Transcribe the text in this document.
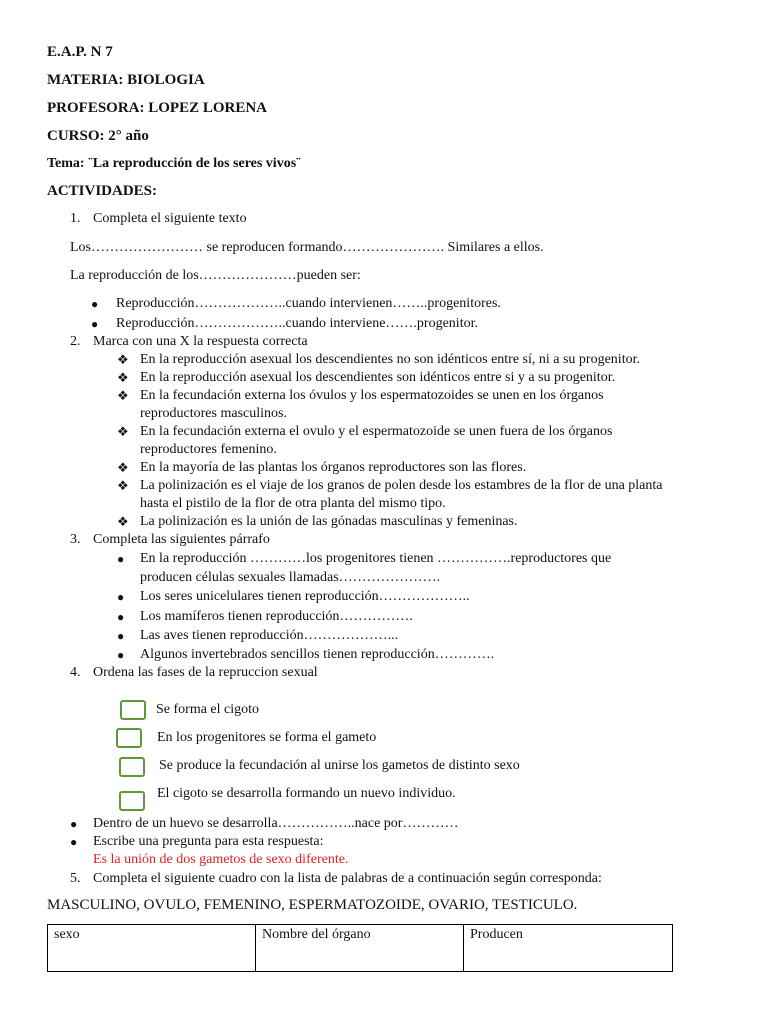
E.A.P. N 7
MATERIA: BIOLOGIA
PROFESORA: LOPEZ LORENA
CURSO: 2° año
Tema: ¨La reproducción de los seres vivos¨
ACTIVIDADES:
1. Completa el siguiente texto
Los…………………… se reproducen formando…………………. Similares a ellos.
La reproducción de los…………………pueden ser:
● Reproducción………………..cuando intervienen……..progenitores.
● Reproducción………………..cuando interviene…….progenitor.
2. Marca con una X la respuesta correcta
❖ En la reproducción asexual los descendientes no son idénticos entre sí, ni a su progenitor.
❖ En la reproducción asexual los descendientes son idénticos entre si y a su progenitor.
❖ En la fecundación externa los óvulos y los espermatozoides se unen en los órganos
reproductores masculinos.
❖ En la fecundación externa el ovulo y el espermatozoide se unen fuera de los órganos
reproductores femenino.
❖ En la mayoría de las plantas los órganos reproductores son las flores.
❖ La polinización es el viaje de los granos de polen desde los estambres de la flor de una planta
hasta el pistilo de la flor de otra planta del mismo tipo.
❖ La polinización es la unión de las gónadas masculinas y femeninas.
3. Completa las siguientes párrafo
● En la reproducción …………los progenitores tienen …………….reproductores que
producen células sexuales llamadas………………….
● Los seres unicelulares tienen reproducción………………..
● Los mamíferos tienen reproducción…………….
● Las aves tienen reproducción………………...
● Algunos invertebrados sencillos tienen reproducción………….
4. Ordena las fases de la repruccion sexual
Se forma el cigoto
En los progenitores se forma el gameto
Se produce la fecundación al unirse los gametos de distinto sexo
El cigoto se desarrolla formando un nuevo individuo.
● Dentro de un huevo se desarrolla……………..nace por…………
● Escribe una pregunta para esta respuesta:
Es la unión de dos gametos de sexo diferente.
5. Completa el siguiente cuadro con la lista de palabras de a continuación según corresponda:
MASCULINO, OVULO, FEMENINO, ESPERMATOZOIDE, OVARIO, TESTICULO.
sexo	Nombre del órgano	Producen
